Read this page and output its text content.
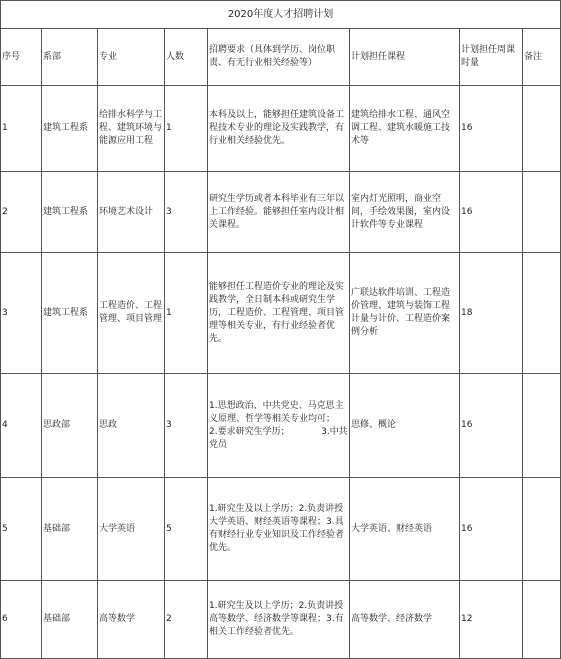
2020年度人才招聘计划							
序号	系部	专业	人数	招聘要求（具体到学历、岗位职责、有无行业相关经验等）	计划担任课程	计划担任周课时量	备注
1	建筑工程系	给排水科学与工程、建筑环境与能源应用工程	1	本科及以上，能够担任建筑设备工程技术专业的理论及实践教学，有行业相关经验优先。	建筑给排水工程、通风空调工程、建筑水暖施工技术等	16	
2	建筑工程系	环境艺术设计	3	研究生学历或者本科毕业有三年以上工作经验。能够担任室内设计相关课程。	室内灯光照明，商业空间，手绘效果图，室内设计软件等专业课程	16	
3	建筑工程系	工程造价、工程管理、项目管理	1	能够担任工程造价专业的理论及实践教学，全日制本科或研究生学历，工程造价、工程管理、项目管理等相关专业，有行业经验者优先。	广联达软件培训、工程造价管理、建筑与装饰工程计量与计价、工程造价案例分析	18	
4	思政部	思政	3	1.思想政治、中共党史、马克思主义原理、哲学等相关专业均可；　　　　2.要求研究生学历；　　　　3.中共党员	思修、概论	16	
5	基础部	大学英语	5	1.研究生及以上学历；2.负责讲授大学英语、财经英语等课程；3.具有财经行业专业知识及工作经验者优先。	大学英语、财经英语	16	
6	基础部	高等数学	2	1.研究生及以上学历；2.负责讲授高等数学、经济数学等课程；3.有相关工作经验者优先。	高等数学、经济数学	12	
